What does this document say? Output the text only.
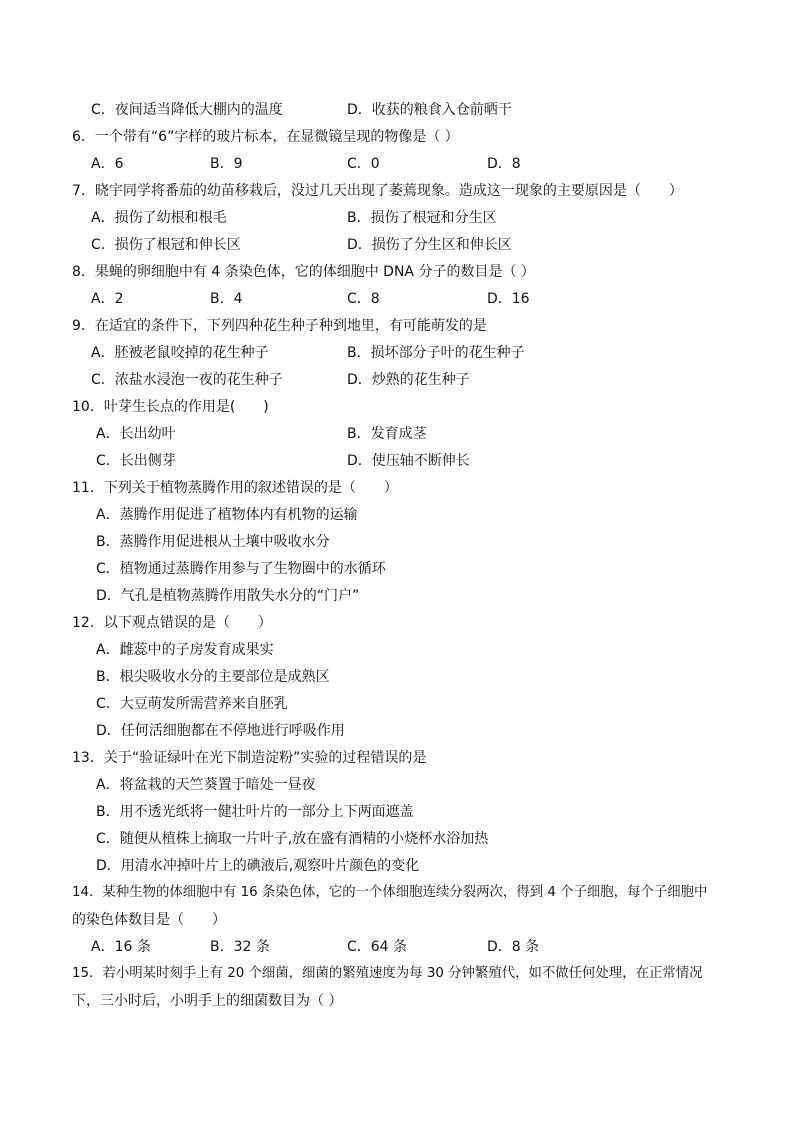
C．夜间适当降低大棚内的温度	D．收获的粮食入仓前晒干
6．一个带有“6”字样的玻片标本，在显微镜呈现的物像是（ ）
A．6	B．9	C．0	D．8
7．晓宇同学将番茄的幼苗移栽后，没过几天出现了萎蔫现象。造成这一现象的主要原因是（　　）
A．损伤了幼根和根毛	B．损伤了根冠和分生区
C．损伤了根冠和伸长区	D．损伤了分生区和伸长区
8．果蝇的卵细胞中有 4 条染色体，它的体细胞中 DNA 分子的数目是（ ）
A．2	B．4	C．8	D．16
9．在适宜的条件下，下列四种花生种子种到地里，有可能萌发的是
A．胚被老鼠咬掉的花生种子	B．损坏部分子叶的花生种子
C．浓盐水浸泡一夜的花生种子	D．炒熟的花生种子
10．叶芽生长点的作用是(　　)
A．长出幼叶	B．发育成茎
C．长出侧芽	D．使压轴不断伸长
11．下列关于植物蒸腾作用的叙述错误的是（　　）
A．蒸腾作用促进了植物体内有机物的运输
B．蒸腾作用促进根从土壤中吸收水分
C．植物通过蒸腾作用参与了生物圈中的水循环
D．气孔是植物蒸腾作用散失水分的“门户”
12．以下观点错误的是（　　）
A．雌蕊中的子房发育成果实
B．根尖吸收水分的主要部位是成熟区
C．大豆萌发所需营养来自胚乳
D．任何活细胞都在不停地进行呼吸作用
13．关于“验证绿叶在光下制造淀粉”实验的过程错误的是
A．将盆栽的天竺葵置于暗处一昼夜
B．用不透光纸将一健壮叶片的一部分上下两面遮盖
C．随便从植株上摘取一片叶子,放在盛有酒精的小烧杯水浴加热
D．用清水冲掉叶片上的碘液后,观察叶片颜色的变化
14．某种生物的体细胞中有 16 条染色体，它的一个体细胞连续分裂两次，得到 4 个子细胞，每个子细胞中
的染色体数目是（　　）
A．16 条	B．32 条	C．64 条	D．8 条
15．若小明某时刻手上有 20 个细菌，细菌的繁殖速度为每 30 分钟繁殖代，如不做任何处理，在正常情况
下，三小时后，小明手上的细菌数目为（ ）
